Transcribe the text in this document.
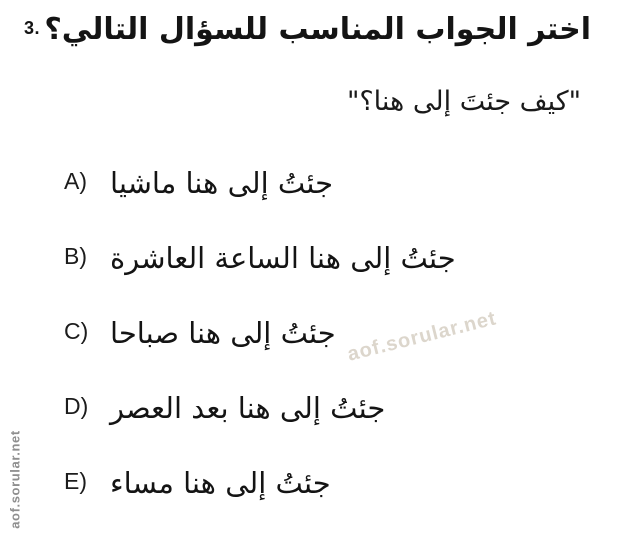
3. اختر الجواب المناسب للسؤال التالي؟
"كيف جئتَ إلى هنا؟"
A) جئتُ إلى هنا ماشيا
B) جئتُ إلى هنا الساعة العاشرة
C) جئتُ إلى هنا صباحا
D) جئتُ إلى هنا بعد العصر
E) جئتُ إلى هنا مساء
aof.sorular.net
aof.sorular.net
